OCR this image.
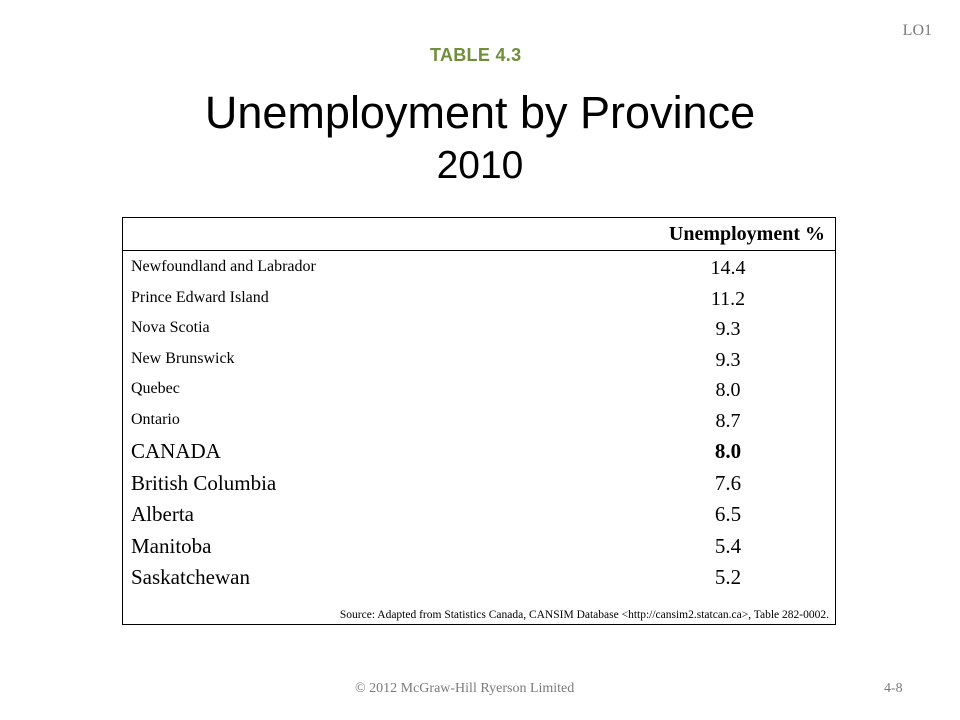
LO1
TABLE 4.3
Unemployment by Province
2010
Unemployment %
Newfoundland and Labrador	14.4
Prince Edward Island	11.2
Nova Scotia	9.3
New Brunswick	9.3
Quebec	8.0
Ontario	8.7
CANADA	8.0
British Columbia	7.6
Alberta	6.5
Manitoba	5.4
Saskatchewan	5.2
Source: Adapted from Statistics Canada, CANSIM Database <http://cansim2.statcan.ca>, Table 282-0002.
© 2012 McGraw-Hill Ryerson Limited	4-8
